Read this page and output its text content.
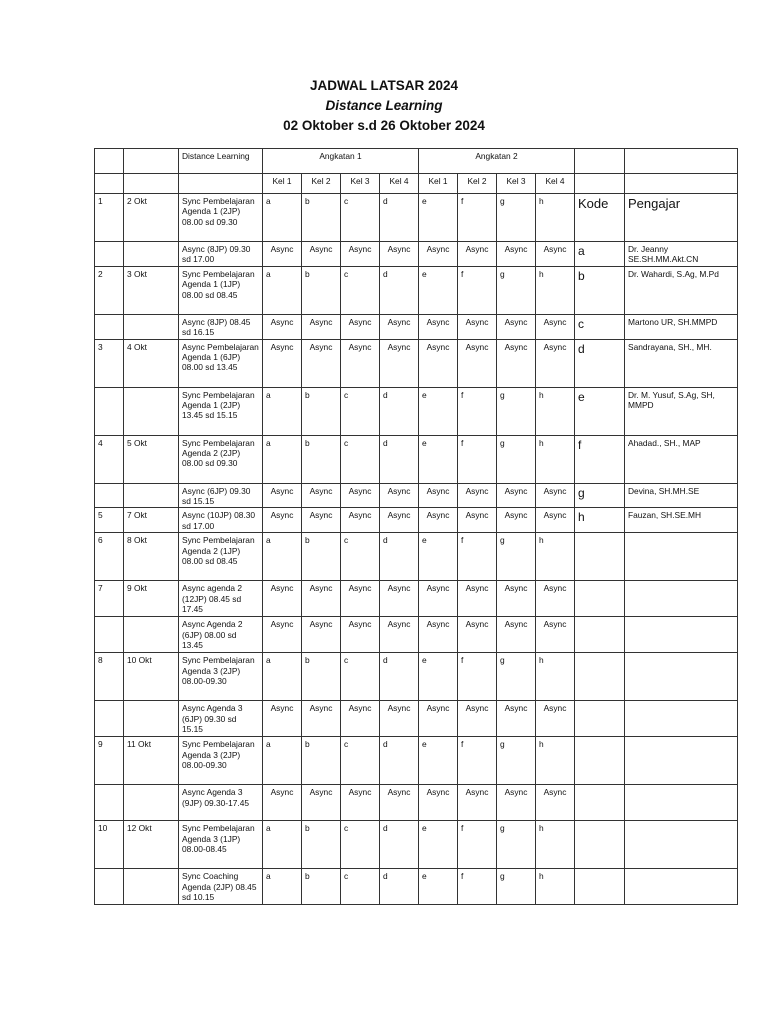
JADWAL LATSAR 2024
Distance Learning
02 Oktober s.d 26 Oktober 2024
		Distance Learning	Angkatan 1				Angkatan 2					
			Kel 1	Kel 2	Kel 3	Kel 4	Kel 1	Kel 2	Kel 3	Kel 4		
1	2 Okt	Sync Pembelajaran Agenda 1 (2JP) 08.00 sd 09.30	a	b	c	d	e	f	g	h	Kode	Pengajar
		Async (8JP) 09.30 sd 17.00	Async	Async	Async	Async	Async	Async	Async	Async	a	Dr. Jeanny SE.SH.MM.Akt.CN
2	3 Okt	Sync Pembelajaran Agenda 1 (1JP) 08.00 sd 08.45	a	b	c	d	e	f	g	h	b	Dr. Wahardi, S.Ag, M.Pd
		Async (8JP) 08.45 sd 16.15	Async	Async	Async	Async	Async	Async	Async	Async	c	Martono UR, SH.MMPD
3	4 Okt	Async Pembelajaran Agenda 1 (6JP) 08.00 sd 13.45	Async	Async	Async	Async	Async	Async	Async	Async	d	Sandrayana, SH., MH.
		Sync Pembelajaran Agenda 1 (2JP) 13.45 sd 15.15	a	b	c	d	e	f	g	h	e	Dr. M. Yusuf, S.Ag, SH, MMPD
4	5 Okt	Sync Pembelajaran Agenda 2 (2JP) 08.00 sd 09.30	a	b	c	d	e	f	g	h	f	Ahadad., SH., MAP
		Async (6JP) 09.30 sd 15.15	Async	Async	Async	Async	Async	Async	Async	Async	g	Devina, SH.MH.SE
5	7 Okt	Async (10JP) 08.30 sd 17.00	Async	Async	Async	Async	Async	Async	Async	Async	h	Fauzan, SH.SE.MH
6	8 Okt	Sync Pembelajaran Agenda 2 (1JP) 08.00 sd 08.45	a	b	c	d	e	f	g	h		
7	9 Okt	Async agenda 2 (12JP) 08.45 sd 17.45	Async	Async	Async	Async	Async	Async	Async	Async		
		Async Agenda 2 (6JP) 08.00 sd 13.45	Async	Async	Async	Async	Async	Async	Async	Async		
8	10 Okt	Sync Pembelajaran Agenda 3 (2JP) 08.00-09.30	a	b	c	d	e	f	g	h		
		Async Agenda 3 (6JP) 09.30 sd 15.15	Async	Async	Async	Async	Async	Async	Async	Async		
9	11 Okt	Sync Pembelajaran Agenda 3 (2JP) 08.00-09.30	a	b	c	d	e	f	g	h		
		Async Agenda 3 (9JP) 09.30-17.45	Async	Async	Async	Async	Async	Async	Async	Async		
10	12 Okt	Sync Pembelajaran Agenda 3 (1JP) 08.00-08.45	a	b	c	d	e	f	g	h		
		Sync Coaching Agenda (2JP) 08.45 sd 10.15	a	b	c	d	e	f	g	h		
